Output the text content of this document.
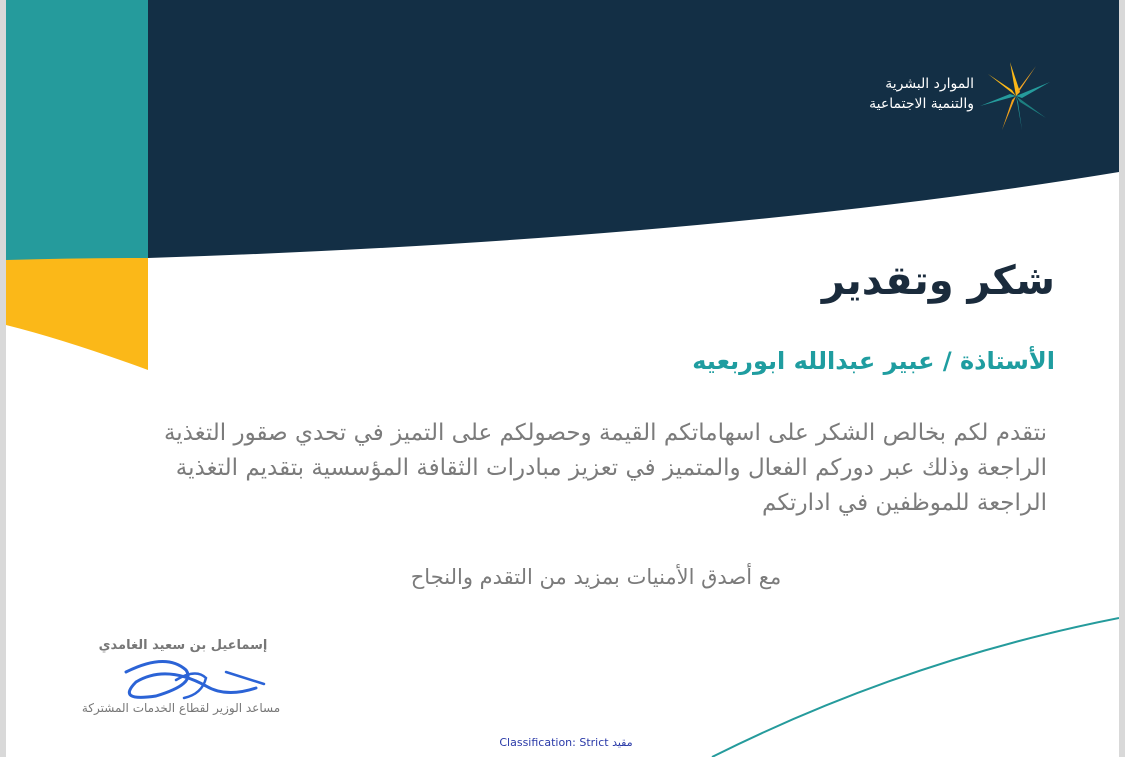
الموارد البشرية
والتنمية الاجتماعية
شكر وتقدير
الأستاذة / عبير عبدالله ابوربعيه
نتقدم لكم بخالص الشكر على اسهاماتكم القيمة وحصولكم على التميز في تحدي صقور التغذية الراجعة وذلك عبر دوركم الفعال والمتميز في تعزيز مبادرات الثقافة المؤسسية بتقديم التغذية الراجعة للموظفين في ادارتكم
مع أصدق الأمنيات بمزيد من التقدم والنجاح
إسماعيل بن سعيد الغامدي
مساعد الوزير لقطاع الخدمات المشتركة
Classification: Strict مقيد
